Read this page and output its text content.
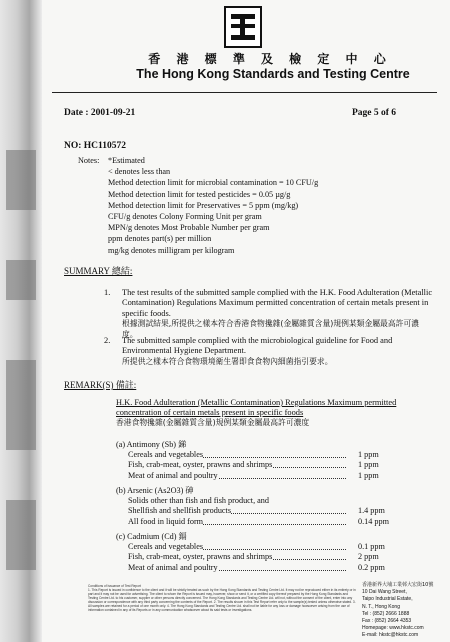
香 港 標 準 及 檢 定 中 心
The Hong Kong Standards and Testing Centre
Date : 2001-09-21	Page 5 of 6
NO: HC110572
Notes: *Estimated
< denotes less than
Method detection limit for microbial contamination = 10 CFU/g
Method detection limit for tested pesticides = 0.05 µg/g
Method detection limit for Preservatives = 5 ppm (mg/kg)
CFU/g denotes Colony Forming Unit per gram
MPN/g denotes Most Probable Number per gram
ppm denotes part(s) per million
mg/kg denotes milligram per kilogram
SUMMARY 總結:
1. The test results of the submitted sample complied with the H.K. Food Adulteration (Metallic Contamination) Regulations Maximum permitted concentration of certain metals present in specific foods.
根據測試結果,所提供之樣本符合香港食物攙雜(金屬雜質含量)規例某類金屬最高許可濃度。
2. The submitted sample complied with the microbiological guideline for Food and Environmental Hygiene Department.
所提供之樣本符合食物環境衛生署即食食物內細菌指引要求。
REMARK(S) 備註:
H.K. Food Adulteration (Metallic Contamination) Regulations Maximum permitted concentration of certain metals present in specific foods
香港食物攙雜(金屬雜質含量)規例某類金屬最高許可濃度
(a) Antimony (Sb) 銻
Cereals and vegetables	1 ppm
Fish, crab-meat, oyster, prawns and shrimps	1 ppm
Meat of animal and poultry	1 ppm
(b) Arsenic (As2O3) 砷
Solids other than fish and fish product, and
Shellfish and shellfish products	1.4 ppm
All food in liquid form	0.14 ppm
(c) Cadmium (Cd) 鎘
Cereals and vegetables	0.1 ppm
Fish, crab-meat, oyster, prawns and shrimps	2 ppm
Meat of animal and poultry	0.2 ppm
Conditions of Issuance of Test Report
1. This Report is issued in confidence to the client and it will be strictly treated as such by the Hong Kong Standards and Testing Centre Ltd. It may not be reproduced either in its entirety or in part and it may not be used for advertising. The client to whom the Report is issued may, however, show or send it, or a certified copy thereof prepared by the Hong Kong Standards and Testing Centre Ltd. to his customer, supplier or other persons directly concerned. The Hong Kong Standards and Testing Centre Ltd. will not, without the consent of the client, enter into any discussion or correspondence with any third party concerning the contents of the Report. 2. The results shown in this Test Report refer only to the sample(s) tested unless otherwise stated. 3. All samples are retained for a period of one month only. 4. The Hong Kong Standards and Testing Centre Ltd. shall not be liable for any loss or damage howsoever arising from the use of information contained in any of its Reports or in any communication whatsoever about its said tests or investigations.
香港新界大埔工業邨大宏街10號
10 Dai Wang Street,
Taipo Industrial Estate,
N. T., Hong Kong
Tel : (852) 2666 1888
Fax : (852) 2664 4353
Homepage: www.hkstc.com
E-mail: hkstc@hkstc.com
